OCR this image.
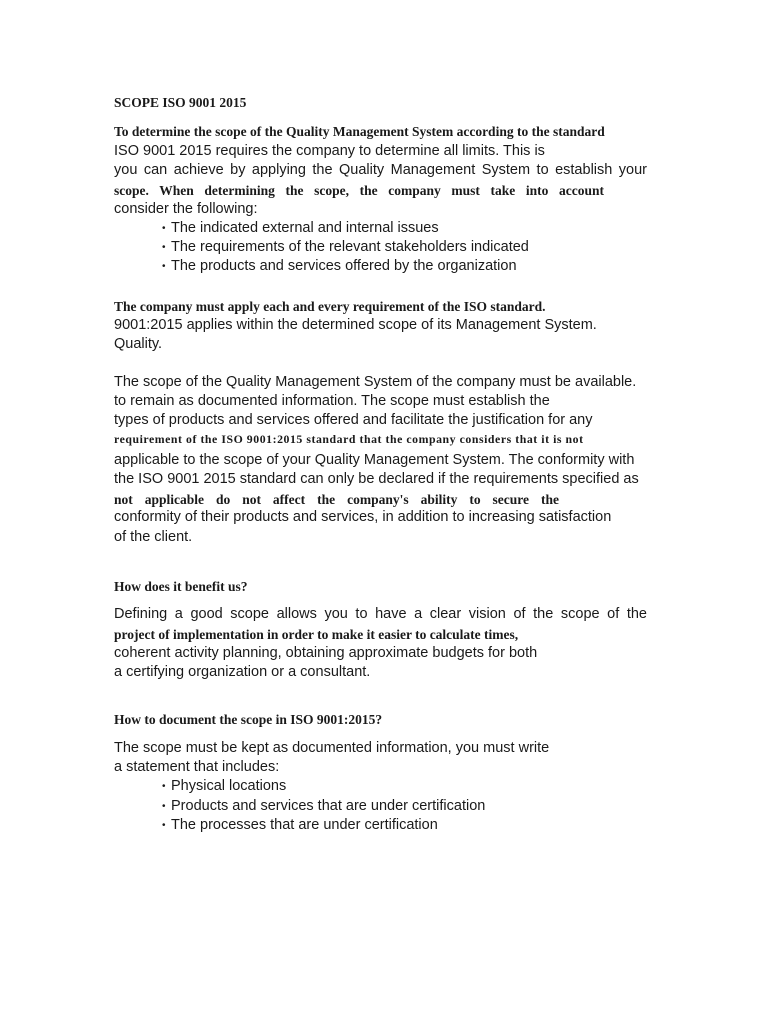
SCOPE ISO 9001 2015
To determine the scope of the Quality Management System according to the standard
ISO 9001 2015 requires the company to determine all limits. This is
you can achieve by applying the Quality Management System to establish your
scope. When determining the scope, the company must take into account
consider the following:
• The indicated external and internal issues
• The requirements of the relevant stakeholders indicated
• The products and services offered by the organization
The company must apply each and every requirement of the ISO standard.
9001:2015 applies within the determined scope of its Management System.
Quality.
The scope of the Quality Management System of the company must be available.
to remain as documented information. The scope must establish the
types of products and services offered and facilitate the justification for any
requirement of the ISO 9001:2015 standard that the company considers that it is not
applicable to the scope of your Quality Management System. The conformity with
the ISO 9001 2015 standard can only be declared if the requirements specified as
not applicable do not affect the company's ability to secure the
conformity of their products and services, in addition to increasing satisfaction
of the client.
How does it benefit us?
Defining a good scope allows you to have a clear vision of the scope of the
project of implementation in order to make it easier to calculate times,
coherent activity planning, obtaining approximate budgets for both
a certifying organization or a consultant.
How to document the scope in ISO 9001:2015?
The scope must be kept as documented information, you must write
a statement that includes:
• Physical locations
• Products and services that are under certification
• The processes that are under certification
